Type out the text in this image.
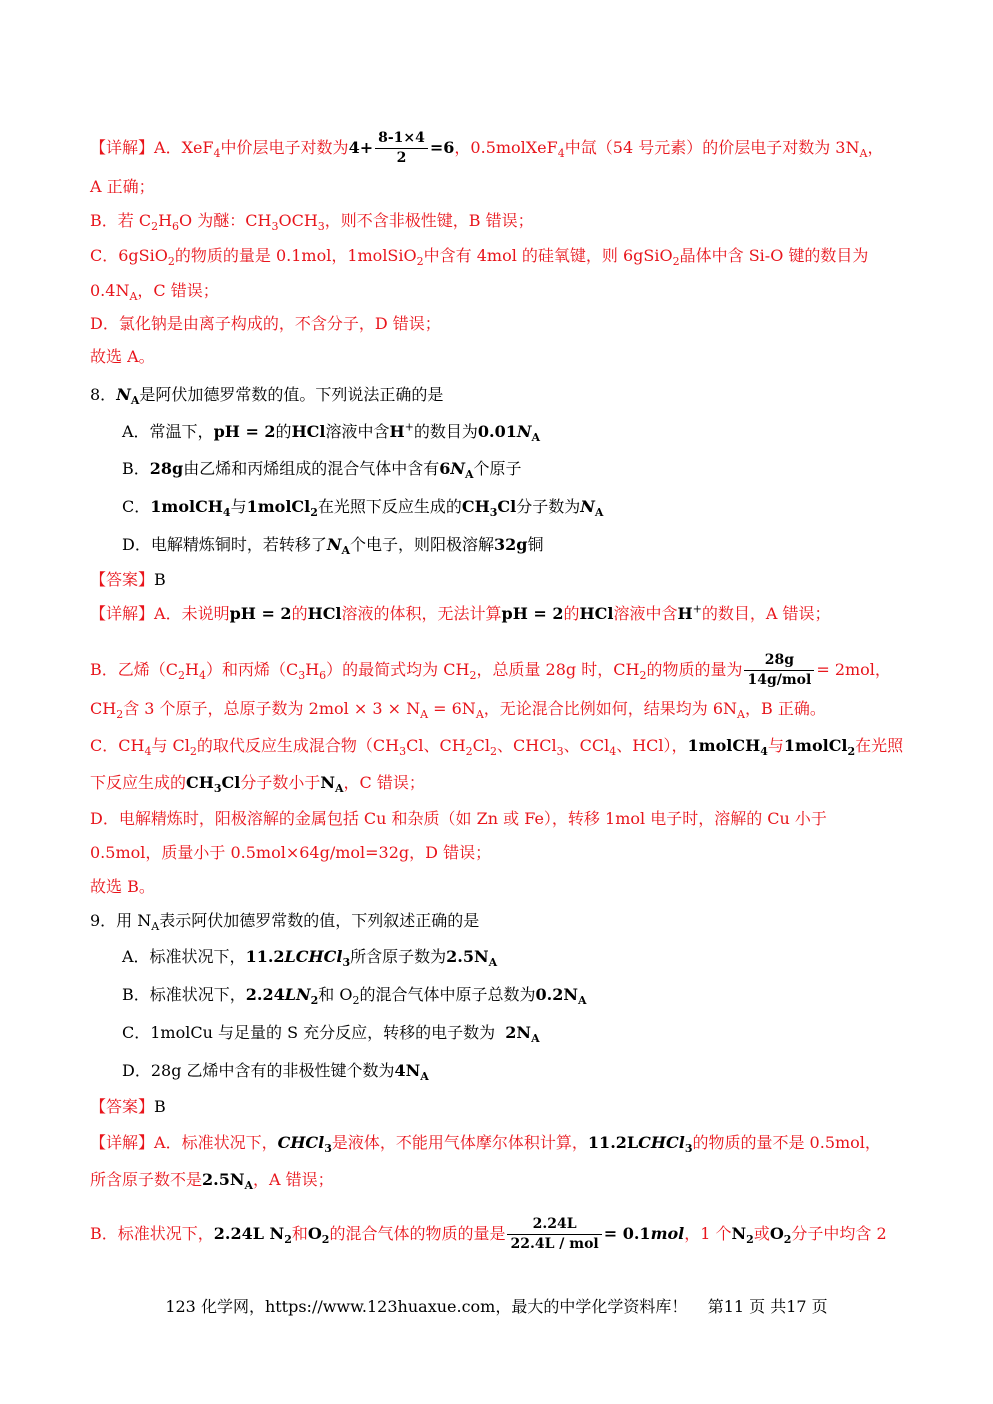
【详解】A．XeF$_4$中价层电子对数为$4+ \frac{8-1\times 4}{2} =6$，0.5molXeF$_4$中氙（54 号元素）的价层电子对数为 $3N_A$，
A 正确；
B．若 $C_2H_6O$ 为醚：$CH_3OCH_3$，则不含非极性键，B 错误；
C．6gSiO$_2$的物质的量是 0.1mol，1molSiO$_2$中含有 4mol 的硅氧键，则 6gSiO$_2$晶体中含 Si-O 键的数目为
$0.4N_A$，C 错误；
D．氯化钠是由离子构成的，不含分子，D 错误；
故选 A。
8．$N_A$是阿伏加德罗常数的值。下列说法正确的是
A．常温下，pH = 2的HCl溶液中含H+的数目为$0.01N_A$
B．28g由乙烯和丙烯组成的混合气体中含有$6N_A$个原子
C．1molCH$_4$与1molCl$_2$在光照下反应生成的$CH_3Cl$分子数为$N_A$
D．电解精炼铜时，若转移了$N_A$个电子，则阳极溶解32g铜
【答案】B
【详解】A．未说明pH = 2的HCl溶液的体积，无法计算pH = 2的HCl溶液中含H+的数目，A 错误；
B．乙烯$(C_2H_4)$和丙烯$(C_3H_6)$的最简式均为 $CH_2$，总质量 28g 时，$CH_2$的物质的量为 $\frac{28g}{\text{14g/mol}} = 2mol$，
$CH_2$含 3 个原子，总原子数为 $2mol \times 3 \times N_A = 6N_A$，无论混合比例如何，结果均为 $6N_A$，B 正确。
C．$CH_4$与 $Cl_2$的取代反应生成混合物（$CH_3Cl$、$CH_2Cl_2$、CHCl$_3$、CCl$_4$、HCl），1molCH$_4$与1molCl$_2$在光照
下反应生成的$CH_3Cl$分子数小于$N_A$，C 错误；
D．电解精炼时，阳极溶解的金属包括 Cu 和杂质（如 Zn 或 Fe），转移 1mol 电子时，溶解的 Cu 小于
0.5mol，质量小于 0.5mol×64g/mol=32g，D 错误；
故选 B。
9．用 $N_A$表示阿伏加德罗常数的值，下列叙述正确的是
A．标准状况下，11.2LCHCl$_3$所含原子数为$2.5N_A$
B．标准状况下，$2.24LN_2$和 $O_2$的混合气体中原子总数为$0.2N_A$
C．1molCu 与足量的 S 充分反应，转移的电子数为  $2N_A$
D．28g 乙烯中含有的非极性键个数为$4N_A$
【答案】B
【详解】A．标准状况下，CHCl$_3$是液体，不能用气体摩尔体积计算，11.2LCHCl$_3$的物质的量不是 0.5mol，
所含原子数不是$2.5N_A$，A 错误；
B．标准状况下，2.24L $N_2$和$O_2$的混合气体的物质的量是 $\frac{2.24L}{\text{22.4L / mol}} = 0.1mol$，1 个$N_2$或$O_2$分子中均含 2
123 化学网，https://www.123huaxue.com，最大的中学化学资料库！ 第11 页 共17 页
